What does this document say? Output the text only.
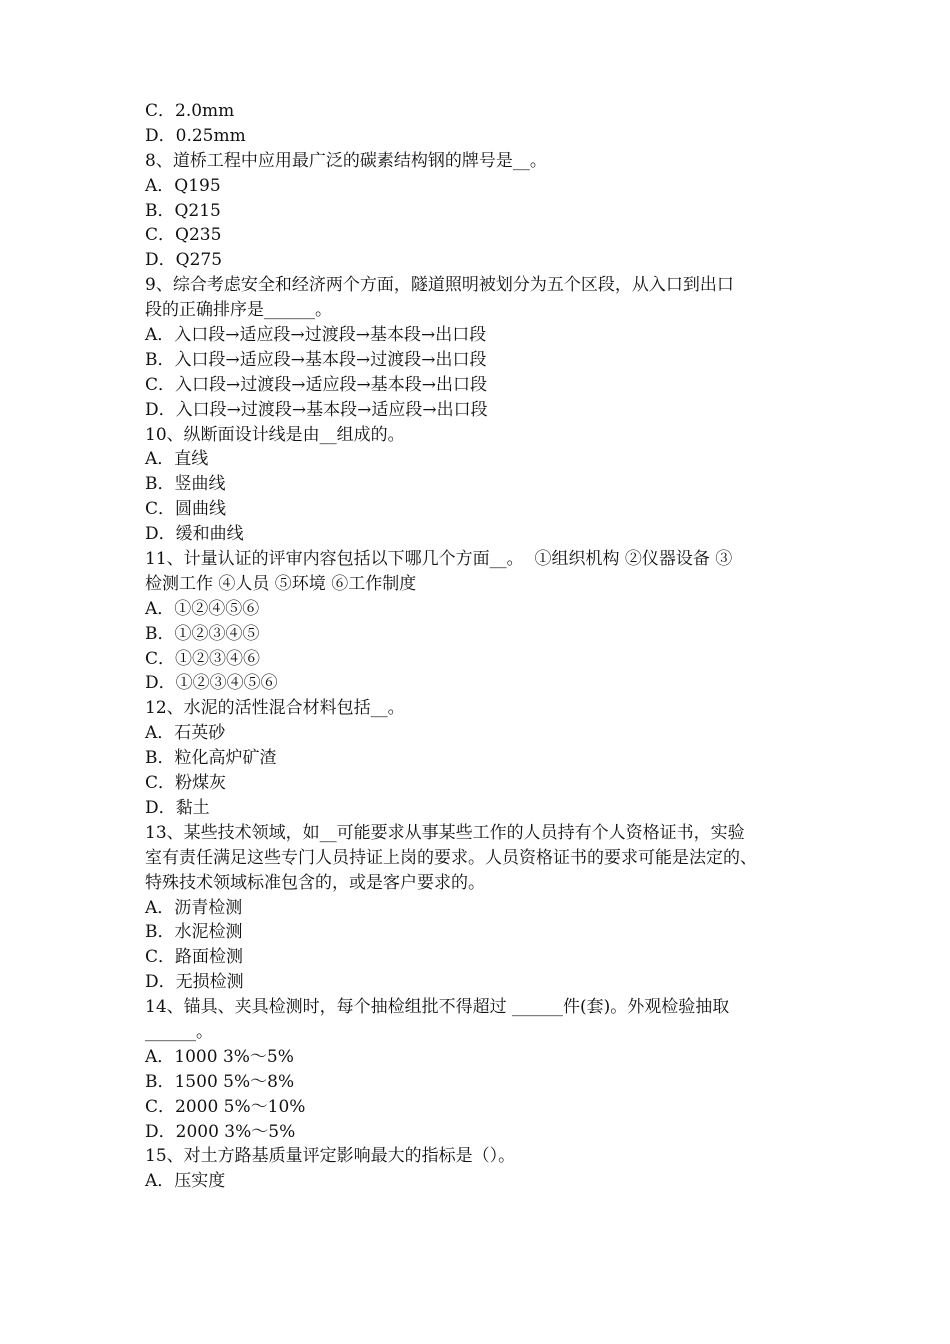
C．2.0mm
D．0.25mm
8、道桥工程中应用最广泛的碳素结构钢的牌号是__。
A．Q195
B．Q215
C．Q235
D．Q275
9、综合考虑安全和经济两个方面，隧道照明被划分为五个区段，从入口到出口
段的正确排序是______。
A．入口段→适应段→过渡段→基本段→出口段
B．入口段→适应段→基本段→过渡段→出口段
C．入口段→过渡段→适应段→基本段→出口段
D．入口段→过渡段→基本段→适应段→出口段
10、纵断面设计线是由__组成的。
A．直线
B．竖曲线
C．圆曲线
D．缓和曲线
11、计量认证的评审内容包括以下哪几个方面__。  ①组织机构 ②仪器设备 ③
检测工作 ④人员 ⑤环境 ⑥工作制度
A．①②④⑤⑥
B．①②③④⑤
C．①②③④⑥
D．①②③④⑤⑥
12、水泥的活性混合材料包括__。
A．石英砂
B．粒化高炉矿渣
C．粉煤灰
D．黏土
13、某些技术领域，如__可能要求从事某些工作的人员持有个人资格证书，实验
室有责任满足这些专门人员持证上岗的要求。人员资格证书的要求可能是法定的、
特殊技术领域标准包含的，或是客户要求的。
A．沥青检测
B．水泥检测
C．路面检测
D．无损检测
14、锚具、夹具检测时，每个抽检组批不得超过 ______件(套)。外观检验抽取
______。
A．1000 3%～5%
B．1500 5%～8%
C．2000 5%～10%
D．2000 3%～5%
15、对土方路基质量评定影响最大的指标是（）。
A．压实度
